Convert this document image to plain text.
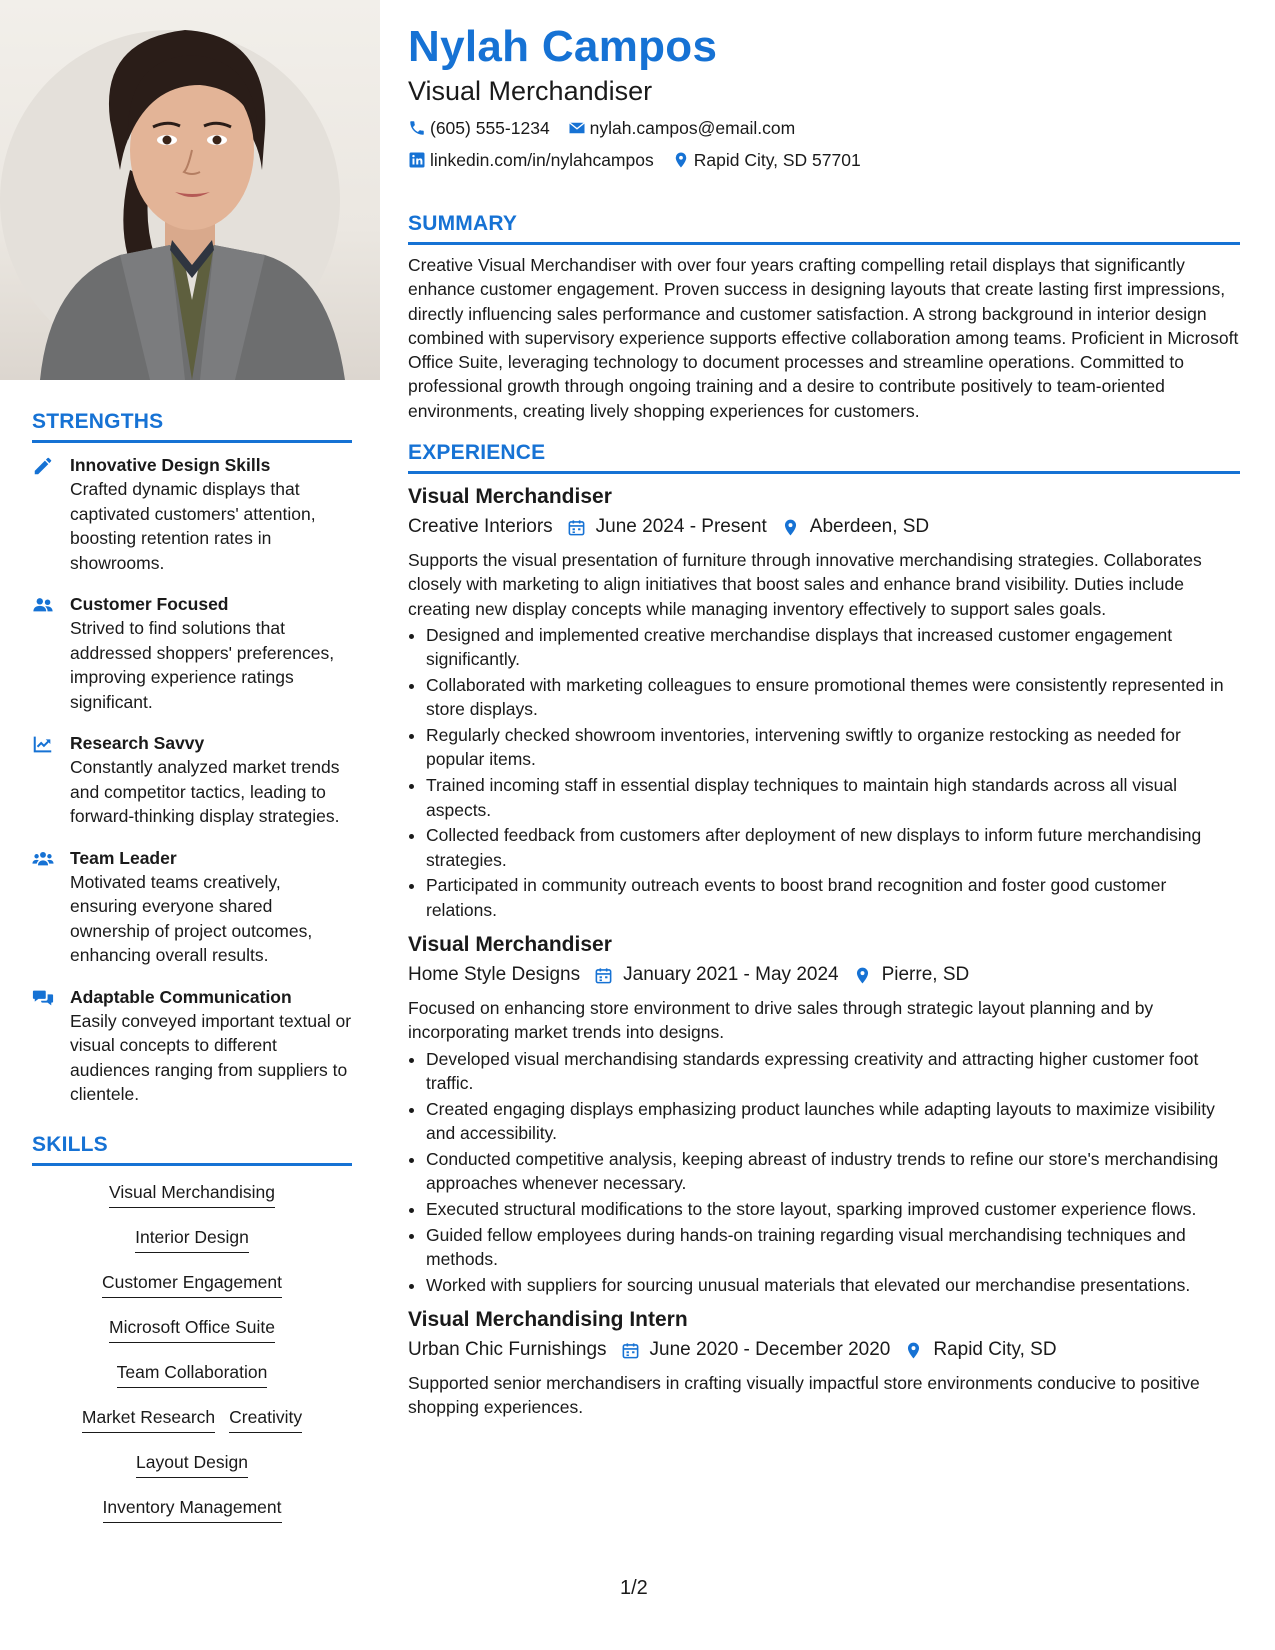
STRENGTHS
Innovative Design Skills
Crafted dynamic displays that captivated customers' attention, boosting retention rates in showrooms.
Customer Focused
Strived to find solutions that addressed shoppers' preferences, improving experience ratings significant.
Research Savvy
Constantly analyzed market trends and competitor tactics, leading to forward-thinking display strategies.
Team Leader
Motivated teams creatively, ensuring everyone shared ownership of project outcomes, enhancing overall results.
Adaptable Communication
Easily conveyed important textual or visual concepts to different audiences ranging from suppliers to clientele.
SKILLS
Visual Merchandising
Interior Design
Customer Engagement
Microsoft Office Suite
Team Collaboration
Market Research Creativity
Layout Design
Inventory Management
Nylah Campos
Visual Merchandiser
(605) 555-1234 nylah.campos@email.com
linkedin.com/in/nylahcampos Rapid City, SD 57701
SUMMARY

Creative Visual Merchandiser with over four years crafting compelling retail displays that significantly enhance customer engagement. Proven success in designing layouts that create lasting first impressions, directly influencing sales performance and customer satisfaction. A strong background in interior design combined with supervisory experience supports effective collaboration among teams. Proficient in Microsoft Office Suite, leveraging technology to document processes and streamline operations. Committed to professional growth through ongoing training and a desire to contribute positively to team-oriented environments, creating lively shopping experiences for customers.

EXPERIENCE
Visual Merchandiser
Creative Interiors June 2024 - Present Aberdeen, SD

Supports the visual presentation of furniture through innovative merchandising strategies. Collaborates closely with marketing to align initiatives that boost sales and enhance brand visibility. Duties include creating new display concepts while managing inventory effectively to support sales goals.

• Designed and implemented creative merchandise displays that increased customer engagement significantly.
• Collaborated with marketing colleagues to ensure promotional themes were consistently represented in store displays.
• Regularly checked showroom inventories, intervening swiftly to organize restocking as needed for popular items.
• Trained incoming staff in essential display techniques to maintain high standards across all visual aspects.
• Collected feedback from customers after deployment of new displays to inform future merchandising strategies.
• Participated in community outreach events to boost brand recognition and foster good customer relations.
Visual Merchandiser
Home Style Designs January 2021 - May 2024 Pierre, SD

Focused on enhancing store environment to drive sales through strategic layout planning and by incorporating market trends into designs.

• Developed visual merchandising standards expressing creativity and attracting higher customer foot traffic.
• Created engaging displays emphasizing product launches while adapting layouts to maximize visibility and accessibility.
• Conducted competitive analysis, keeping abreast of industry trends to refine our store's merchandising approaches whenever necessary.
• Executed structural modifications to the store layout, sparking improved customer experience flows.
• Guided fellow employees during hands-on training regarding visual merchandising techniques and methods.
• Worked with suppliers for sourcing unusual materials that elevated our merchandise presentations.
Visual Merchandising Intern
Urban Chic Furnishings June 2020 - December 2020 Rapid City, SD

Supported senior merchandisers in crafting visually impactful store environments conducive to positive shopping experiences.

1/2
